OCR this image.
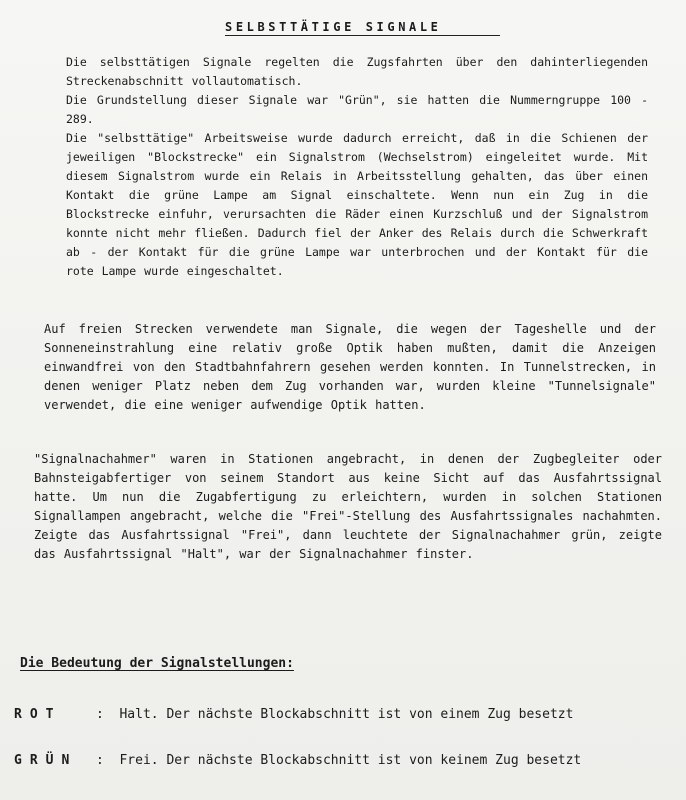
SELBSTTÄTIGE SIGNALE

Die selbsttätigen Signale regelten die Zugsfahrten über den dahinterliegenden Streckenabschnitt vollautomatisch.

Die Grundstellung dieser Signale war "Grün", sie hatten die Nummerngruppe 100 - 289.

Die "selbsttätige" Arbeitsweise wurde dadurch erreicht, daß in die Schienen der jeweiligen "Blockstrecke" ein Signalstrom (Wechselstrom) eingeleitet wurde. Mit diesem Signalstrom wurde ein Relais in Arbeitsstellung gehalten, das über einen Kontakt die grüne Lampe am Signal einschaltete. Wenn nun ein Zug in die Blockstrecke einfuhr, verursachten die Räder einen Kurzschluß und der Signalstrom konnte nicht mehr fließen. Dadurch fiel der Anker des Relais durch die Schwerkraft ab - der Kontakt für die grüne Lampe war unterbrochen und der Kontakt für die rote Lampe wurde eingeschaltet.

Auf freien Strecken verwendete man Signale, die wegen der Tageshelle und der Sonneneinstrahlung eine relativ große Optik haben mußten, damit die Anzeigen einwandfrei von den Stadtbahnfahrern gesehen werden konnten. In Tunnelstrecken, in denen weniger Platz neben dem Zug vorhanden war, wurden kleine "Tunnelsignale" verwendet, die eine weniger aufwendige Optik hatten.

"Signalnachahmer" waren in Stationen angebracht, in denen der Zugbegleiter oder Bahnsteigabfertiger von seinem Standort aus keine Sicht auf das Ausfahrtssignal hatte. Um nun die Zugabfertigung zu erleichtern, wurden in solchen Stationen Signallampen angebracht, welche die "Frei"-Stellung des Ausfahrtssignales nachahmten. Zeigte das Ausfahrtssignal "Frei", dann leuchtete der Signalnachahmer grün, zeigte das Ausfahrtssignal "Halt", war der Signalnachahmer finster.

Die Bedeutung der Signalstellungen:
ROT	: Halt. Der nächste Blockabschnitt ist von einem Zug besetzt
GRÜN : Frei. Der nächste Blockabschnitt ist von keinem Zug besetzt
